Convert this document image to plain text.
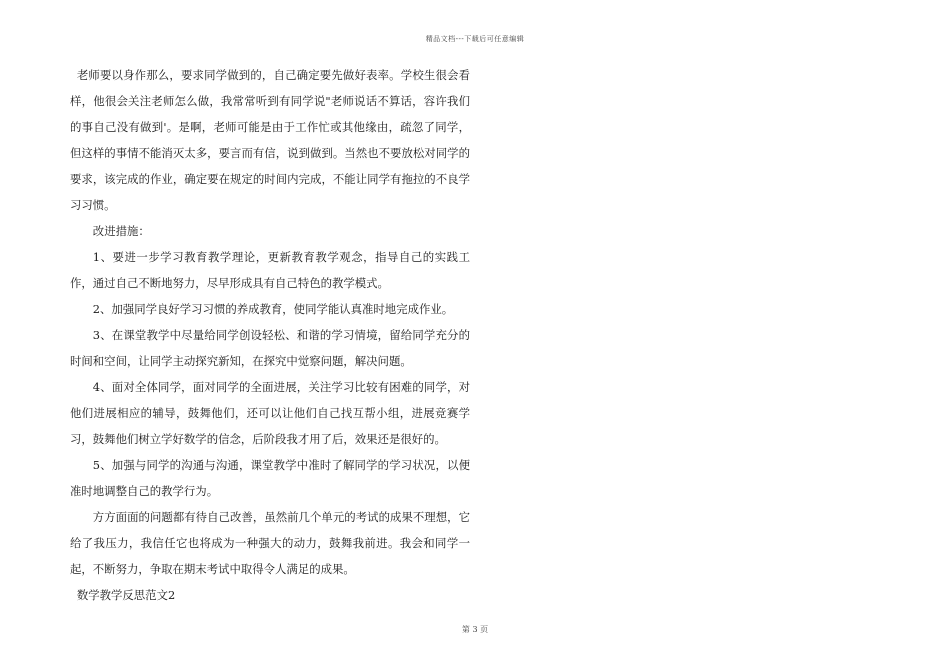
精品文档---下载后可任意编辑

老师要以身作那么，要求同学做到的，自己确定要先做好表率。学校生很会看样，他很会关注老师怎么做，我常常听到有同学说"老师说话不算话，容许我们的事自己没有做到'。是啊，老师可能是由于工作忙或其他缘由，疏忽了同学，但这样的事情不能消灭太多，要言而有信，说到做到。当然也不要放松对同学的要求，该完成的作业，确定要在规定的时间内完成，不能让同学有拖拉的不良学习习惯。

改进措施：

1、要进一步学习教育教学理论，更新教育教学观念，指导自己的实践工作，通过自己不断地努力，尽早形成具有自己特色的教学模式。

2、加强同学良好学习习惯的养成教育，使同学能认真准时地完成作业。

3、在课堂教学中尽量给同学创设轻松、和谐的学习情境，留给同学充分的时间和空间，让同学主动探究新知，在探究中觉察问题，解决问题。

4、面对全体同学，面对同学的全面进展，关注学习比较有困难的同学，对他们进展相应的辅导，鼓舞他们，还可以让他们自己找互帮小组，进展竞赛学习，鼓舞他们树立学好数学的信念，后阶段我才用了后，效果还是很好的。

5、加强与同学的沟通与沟通，课堂教学中准时了解同学的学习状况，以便准时地调整自己的教学行为。

方方面面的问题都有待自己改善，虽然前几个单元的考试的成果不理想，它给了我压力，我信任它也将成为一种强大的动力，鼓舞我前进。我会和同学一起，不断努力，争取在期末考试中取得令人满足的成果。

数学教学反思范文2

第 3 页
